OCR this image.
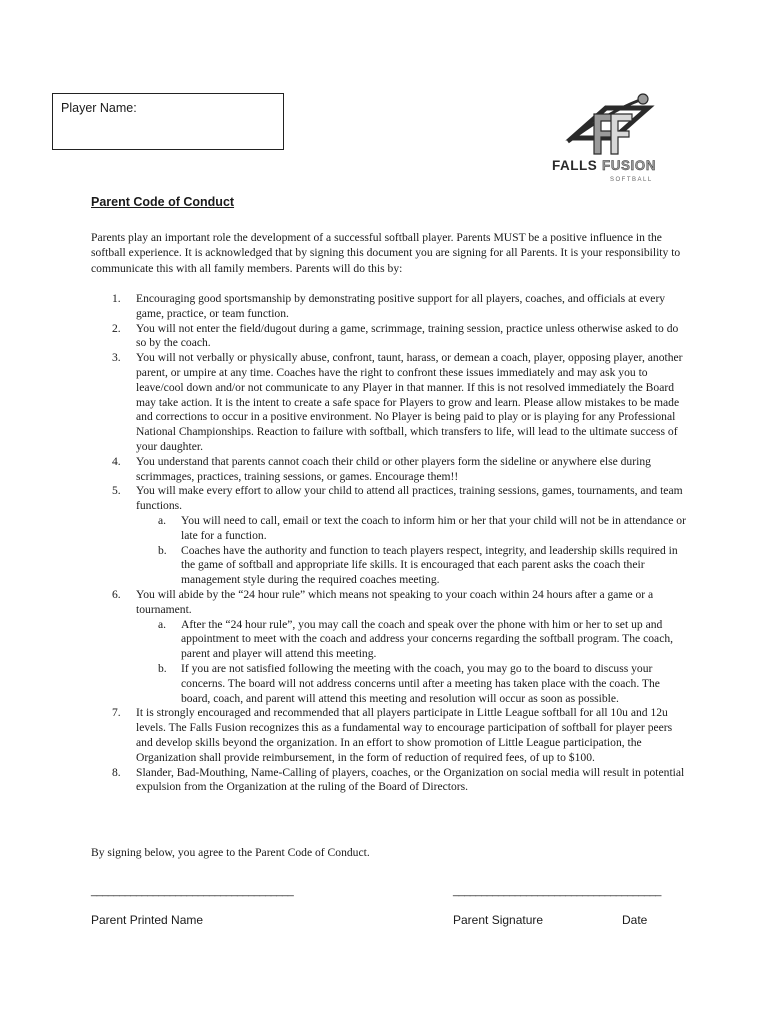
Player Name:
FALLS FUSION
SOFTBALL
Parent Code of Conduct
Parents play an important role the development of a successful softball player. Parents MUST be a positive influence in the softball experience. It is acknowledged that by signing this document you are signing for all Parents. It is your responsibility to communicate this with all family members. Parents will do this by:
1. Encouraging good sportsmanship by demonstrating positive support for all players, coaches, and officials at every game, practice, or team function.
2. You will not enter the field/dugout during a game, scrimmage, training session, practice unless otherwise asked to do so by the coach.
3. You will not verbally or physically abuse, confront, taunt, harass, or demean a coach, player, opposing player, another parent, or umpire at any time. Coaches have the right to confront these issues immediately and may ask you to leave/cool down and/or not communicate to any Player in that manner. If this is not resolved immediately the Board may take action. It is the intent to create a safe space for Players to grow and learn. Please allow mistakes to be made and corrections to occur in a positive environment. No Player is being paid to play or is playing for any Professional National Championships. Reaction to failure with softball, which transfers to life, will lead to the ultimate success of your daughter.
4. You understand that parents cannot coach their child or other players form the sideline or anywhere else during scrimmages, practices, training sessions, or games. Encourage them!!
5. You will make every effort to allow your child to attend all practices, training sessions, games, tournaments, and team functions.
a. You will need to call, email or text the coach to inform him or her that your child will not be in attendance or late for a function.
b. Coaches have the authority and function to teach players respect, integrity, and leadership skills required in the game of softball and appropriate life skills. It is encouraged that each parent asks the coach their management style during the required coaches meeting.
6. You will abide by the “24 hour rule” which means not speaking to your coach within 24 hours after a game or a tournament.
a. After the “24 hour rule”, you may call the coach and speak over the phone with him or her to set up and appointment to meet with the coach and address your concerns regarding the softball program. The coach, parent and player will attend this meeting.
b. If you are not satisfied following the meeting with the coach, you may go to the board to discuss your concerns. The board will not address concerns until after a meeting has taken place with the coach. The board, coach, and parent will attend this meeting and resolution will occur as soon as possible.
7. It is strongly encouraged and recommended that all players participate in Little League softball for all 10u and 12u levels. The Falls Fusion recognizes this as a fundamental way to encourage participation of softball for player peers and develop skills beyond the organization. In an effort to show promotion of Little League participation, the Organization shall provide reimbursement, in the form of reduction of required fees, of up to $100.
8. Slander, Bad-Mouthing, Name-Calling of players, coaches, or the Organization on social media will result in potential expulsion from the Organization at the ruling of the Board of Directors.
By signing below, you agree to the Parent Code of Conduct.
____________________________________	_____________________________________
Parent Printed Name	Parent Signature	Date
